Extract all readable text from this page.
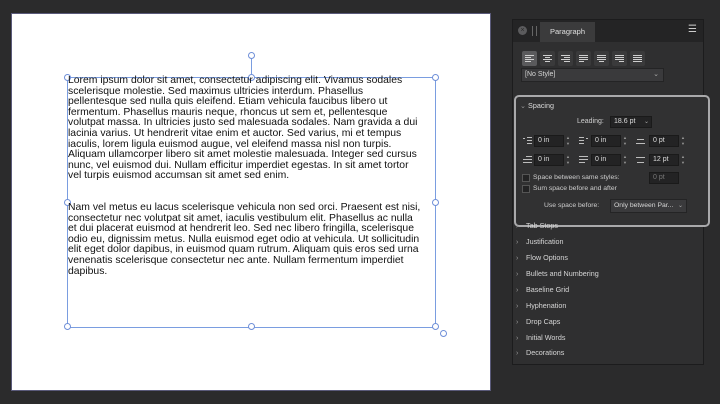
Lorem ipsum dolor sit amet, consectetur adipiscing elit. Vivamus sodales
scelerisque molestie. Sed maximus ultricies interdum. Phasellus
pellentesque sed nulla quis eleifend. Etiam vehicula faucibus libero ut
fermentum. Phasellus mauris neque, rhoncus ut sem et, pellentesque
volutpat massa. In ultricies justo sed malesuada sodales. Nam gravida a dui
lacinia varius. Ut hendrerit vitae enim et auctor. Sed varius, mi et tempus
iaculis, lorem ligula euismod augue, vel eleifend massa nisl non turpis.
Aliquam ullamcorper libero sit amet molestie malesuada. Integer sed cursus
nunc, vel euismod dui. Nullam efficitur imperdiet egestas. In sit amet tortor
vel turpis euismod accumsan sit amet sed enim.

Nam vel metus eu lacus scelerisque vehicula non sed orci. Praesent est nisi,
consectetur nec volutpat sit amet, iaculis vestibulum elit. Phasellus ac nulla
et dui placerat euismod at hendrerit leo. Sed nec libero fringilla, scelerisque
odio eu, dignissim metus. Nulla euismod eget odio at vehicula. Ut sollicitudin
elit eget dolor dapibus, in euismod quam rutrum. Aliquam quis eros sed urna
venenatis scelerisque consectetur nec ante. Nullam fermentum imperdiet
dapibus.

×	Paragraph	☰
[No Style]	⌄
⌄ Spacing
Leading:	18.6 pt ⌄
0 in	▲
▼	0 in	▲
▼	0 pt	▲
▼
0 in	▲
▼	0 in	▲
▼	12 pt	▲
▼
Space between same styles:	0 pt
Sum space before and after
Use space before:	Only between Par... ⌄
› Tab Stops
› Justification
› Flow Options
› Bullets and Numbering
› Baseline Grid
› Hyphenation
› Drop Caps
› Initial Words
› Decorations
